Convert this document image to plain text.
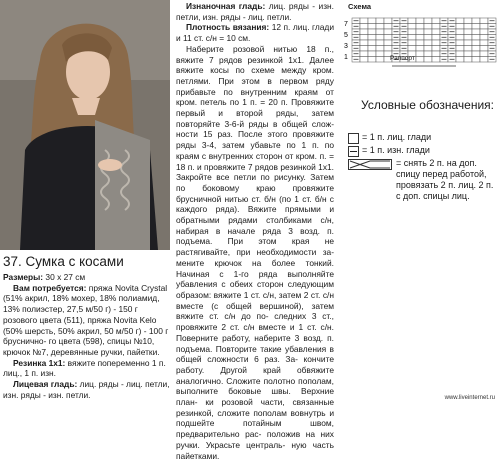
37. Сумка с косами

Размеры: 30 x 27 см

Вам потребуется: пряжа Novita Crystal (51% акрил, 18% мохер, 18% полиамид, 13% полиэстер, 27,5 м/50 г) - 150 г розового цвета (511), пряжа Novita Kelo (50% шерсть, 50% акрил, 50 м/50 г) - 100 г бруснично- го цвета (598), спицы №10, крючок №7, деревянные ручки, пайетки.

Резинка 1x1: вяжите попеременно 1 п. лиц., 1 п. изн.

Лицевая гладь: лиц. ряды - лиц. петли, изн. ряды - изн. петли.

Изнаночная гладь: лиц. ряды - изн. петли, изн. ряды - лиц. петли.

Плотность вязания: 12 п. лиц. глади и 11 ст. с/н = 10 см.

Наберите розовой нитью 18 п., вяжите 7 рядов резинкой 1x1. Далее вяжите косы по схеме между кром. петлями. При этом в первом ряду прибавьте по внутренним краям от кром. петель по 1 п. = 20 п. Провяжите первый и второй ряды, затем повторяйте 3-6-й ряды в общей слож- ности 15 раз. После этого провяжите ряды 3-4, затем убавьте по 1 п. по краям с внутренних сторон от кром. п. = 18 п. и провяжите 7 рядов резинкой 1x1. Закройте все петли по рисунку. Затем по боковому краю провяжите брусничной нитью ст. б/н (по 1 ст. б/н с каждого ряда). Вяжите прямыми и обратными рядами столбиками с/н, набирая в начале ряда 3 возд. п. подъема. При этом края не растягивайте, при необходимости за- мените крючок на более тонкий. Начиная с 1-го ряда выполняйте убавления с обеих сторон следующим образом: вяжите 1 ст. с/н, затем 2 ст. с/н вместе (с общей вершиной), затем вяжите ст. с/н до по- следних 3 ст., провяжите 2 ст. с/н вместе и 1 ст. с/н. Поверните работу, наберите 3 возд. п. подъема. Повторите такие убавления в общей сложности 6 раз. За- кончите работу. Другой край обвяжите аналогично. Сложите полотно пополам, выполните боковые швы. Верхние план- ки розовой части, связанные резинкой, сложите пополам вовнутрь и подшейте потайным швом, предварительно рас- положив на них ручки. Украсьте централь- ную часть пайетками.

Схема
7
5
3
1	Раппорт
Условные обозначения:
= 1 п. лиц. глади
= 1 п. изн. глади
= снять 2 п. на доп. спицу перед работой, провязать 2 п. лиц. 2 п. с доп. спицы лиц.
www.liveinternet.ru
